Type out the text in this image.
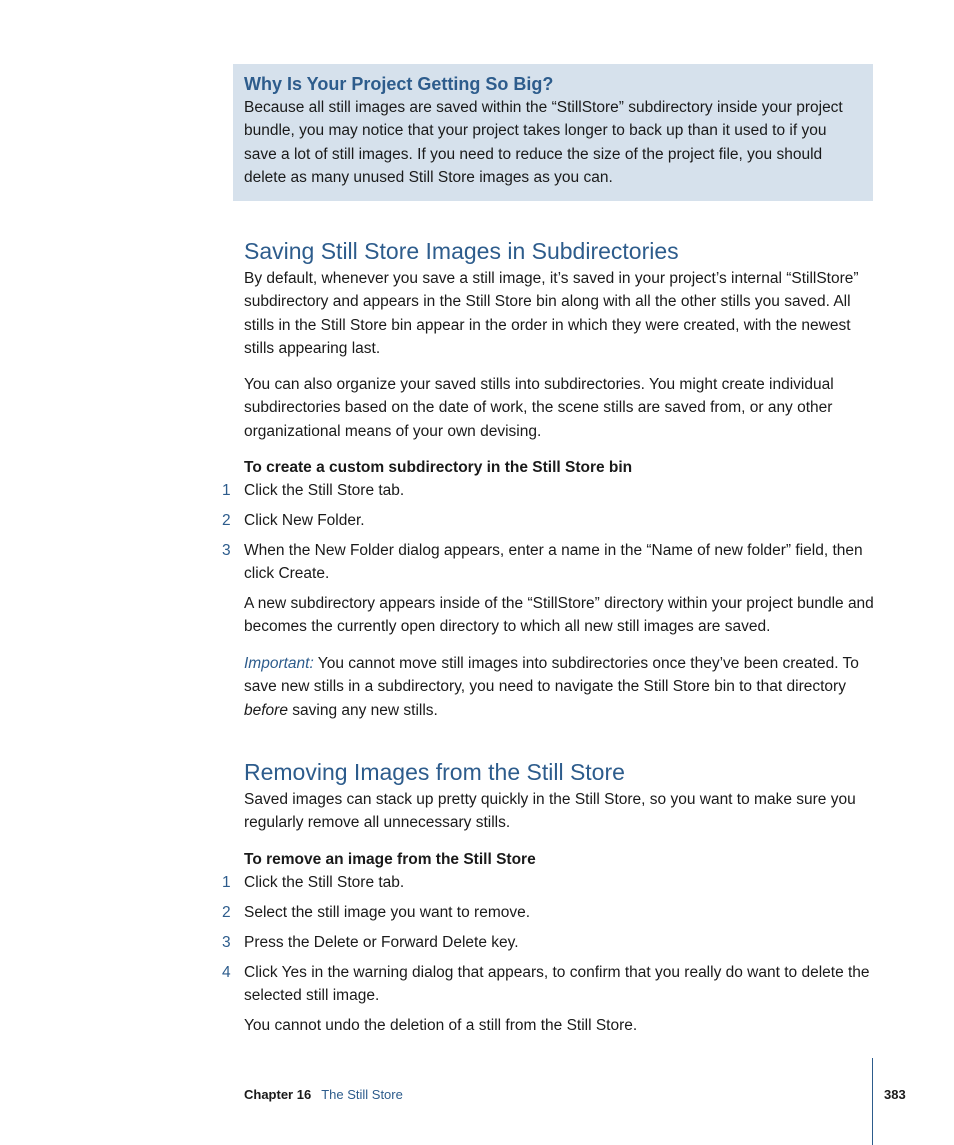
Why Is Your Project Getting So Big?

Because all still images are saved within the “StillStore” subdirectory inside your project bundle, you may notice that your project takes longer to back up than it used to if you save a lot of still images. If you need to reduce the size of the project file, you should delete as many unused Still Store images as you can.

Saving Still Store Images in Subdirectories

By default, whenever you save a still image, it’s saved in your project’s internal “StillStore” subdirectory and appears in the Still Store bin along with all the other stills you saved. All stills in the Still Store bin appear in the order in which they were created, with the newest stills appearing last.

You can also organize your saved stills into subdirectories. You might create individual subdirectories based on the date of work, the scene stills are saved from, or any other organizational means of your own devising.

To create a custom subdirectory in the Still Store bin

1 Click the Still Store tab.
2 Click New Folder.
3 When the New Folder dialog appears, enter a name in the “Name of new folder” field, then click Create.

A new subdirectory appears inside of the “StillStore” directory within your project bundle and becomes the currently open directory to which all new still images are saved.

Important: You cannot move still images into subdirectories once they’ve been created. To save new stills in a subdirectory, you need to navigate the Still Store bin to that directory before saving any new stills.

Removing Images from the Still Store

Saved images can stack up pretty quickly in the Still Store, so you want to make sure you regularly remove all unnecessary stills.

To remove an image from the Still Store

1 Click the Still Store tab.
2 Select the still image you want to remove.
3 Press the Delete or Forward Delete key.
4 Click Yes in the warning dialog that appears, to confirm that you really do want to delete the selected still image.

You cannot undo the deletion of a still from the Still Store.

Chapter 16 The Still Store	383
